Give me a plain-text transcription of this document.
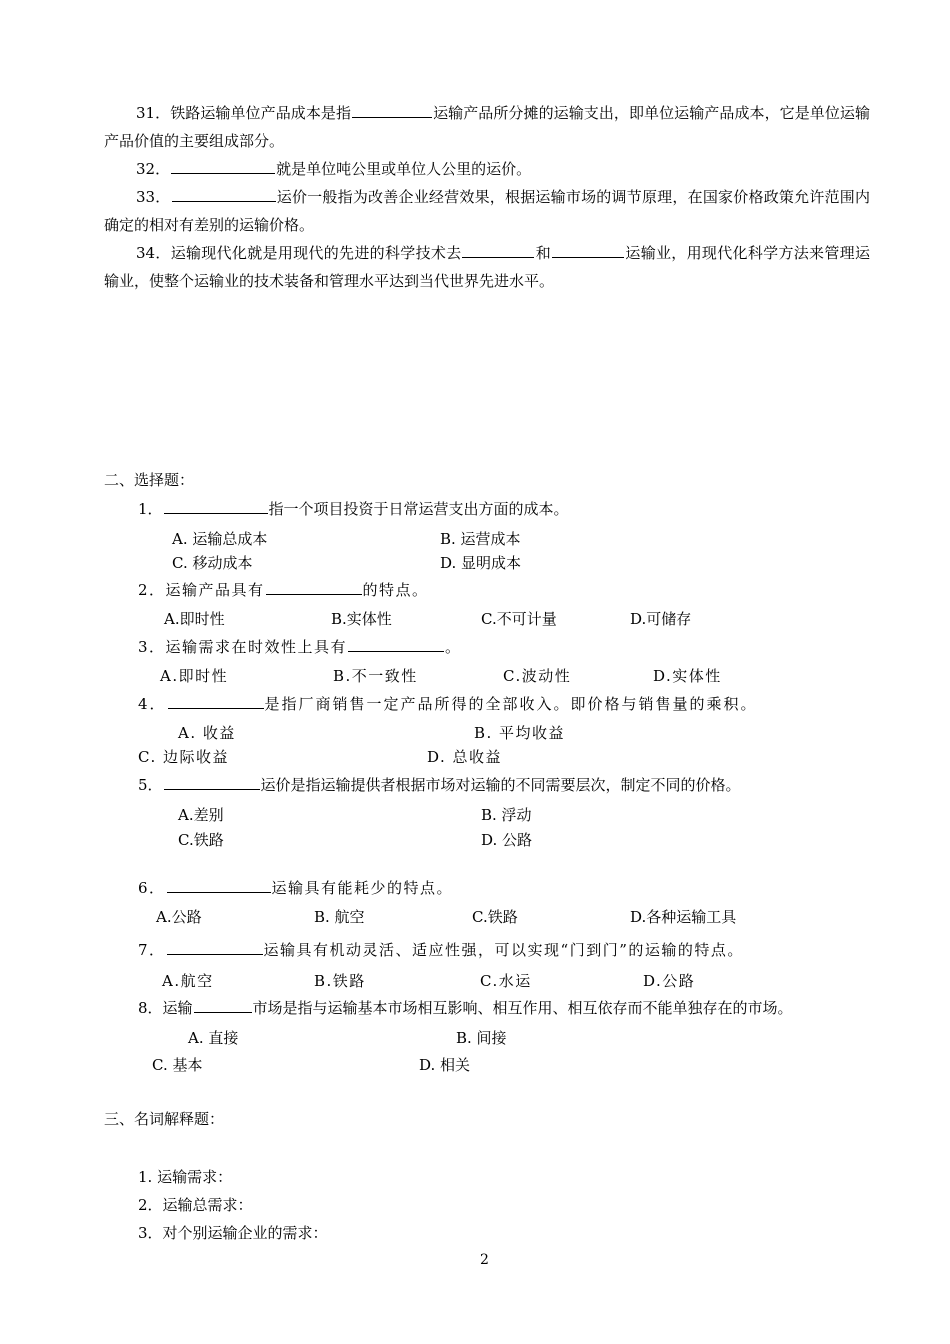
31．铁路运输单位产品成本是指	运输产品所分摊的运输支出，即单位运输产品成本，它是单位运输产品价值的主要组成部分。
32．	就是单位吨公里或单位人公里的运价。
33．	运价一般指为改善企业经营效果，根据运输市场的调节原理，在国家价格政策允许范围内确定的相对有差别的运输价格。
34．运输现代化就是用现代的先进的科学技术去	和	运输业，用现代化科学方法来管理运输业，使整个运输业的技术装备和管理水平达到当代世界先进水平。
二、选择题：
1．	指一个项目投资于日常运营支出方面的成本。
A. 运输总成本	B. 运营成本
C. 移动成本	D. 显明成本
2．运输产品具有	的特点。
A.即时性	B.实体性	C.不可计量	D.可储存
3．运输需求在时效性上具有	。
A.即时性	B.不一致性	C.波动性	D.实体性
4．	是指厂商销售一定产品所得的全部收入。即价格与销售量的乘积。
A. 收益	B. 平均收益
C. 边际收益	D. 总收益
5．	运价是指运输提供者根据市场对运输的不同需要层次，制定不同的价格。
A.差别	B. 浮动
C.铁路	D. 公路
6．	运输具有能耗少的特点。
A.公路	B. 航空	C.铁路	D.各种运输工具
7．	运输具有机动灵活、适应性强，可以实现“门到门”的运输的特点。
A.航空	B.铁路	C.水运	D.公路
8．运输	市场是指与运输基本市场相互影响、相互作用、相互依存而不能单独存在的市场。
A. 直接	B. 间接
C. 基本	D. 相关
三、名词解释题：
1. 运输需求：
2．运输总需求：
3．对个别运输企业的需求：
2
